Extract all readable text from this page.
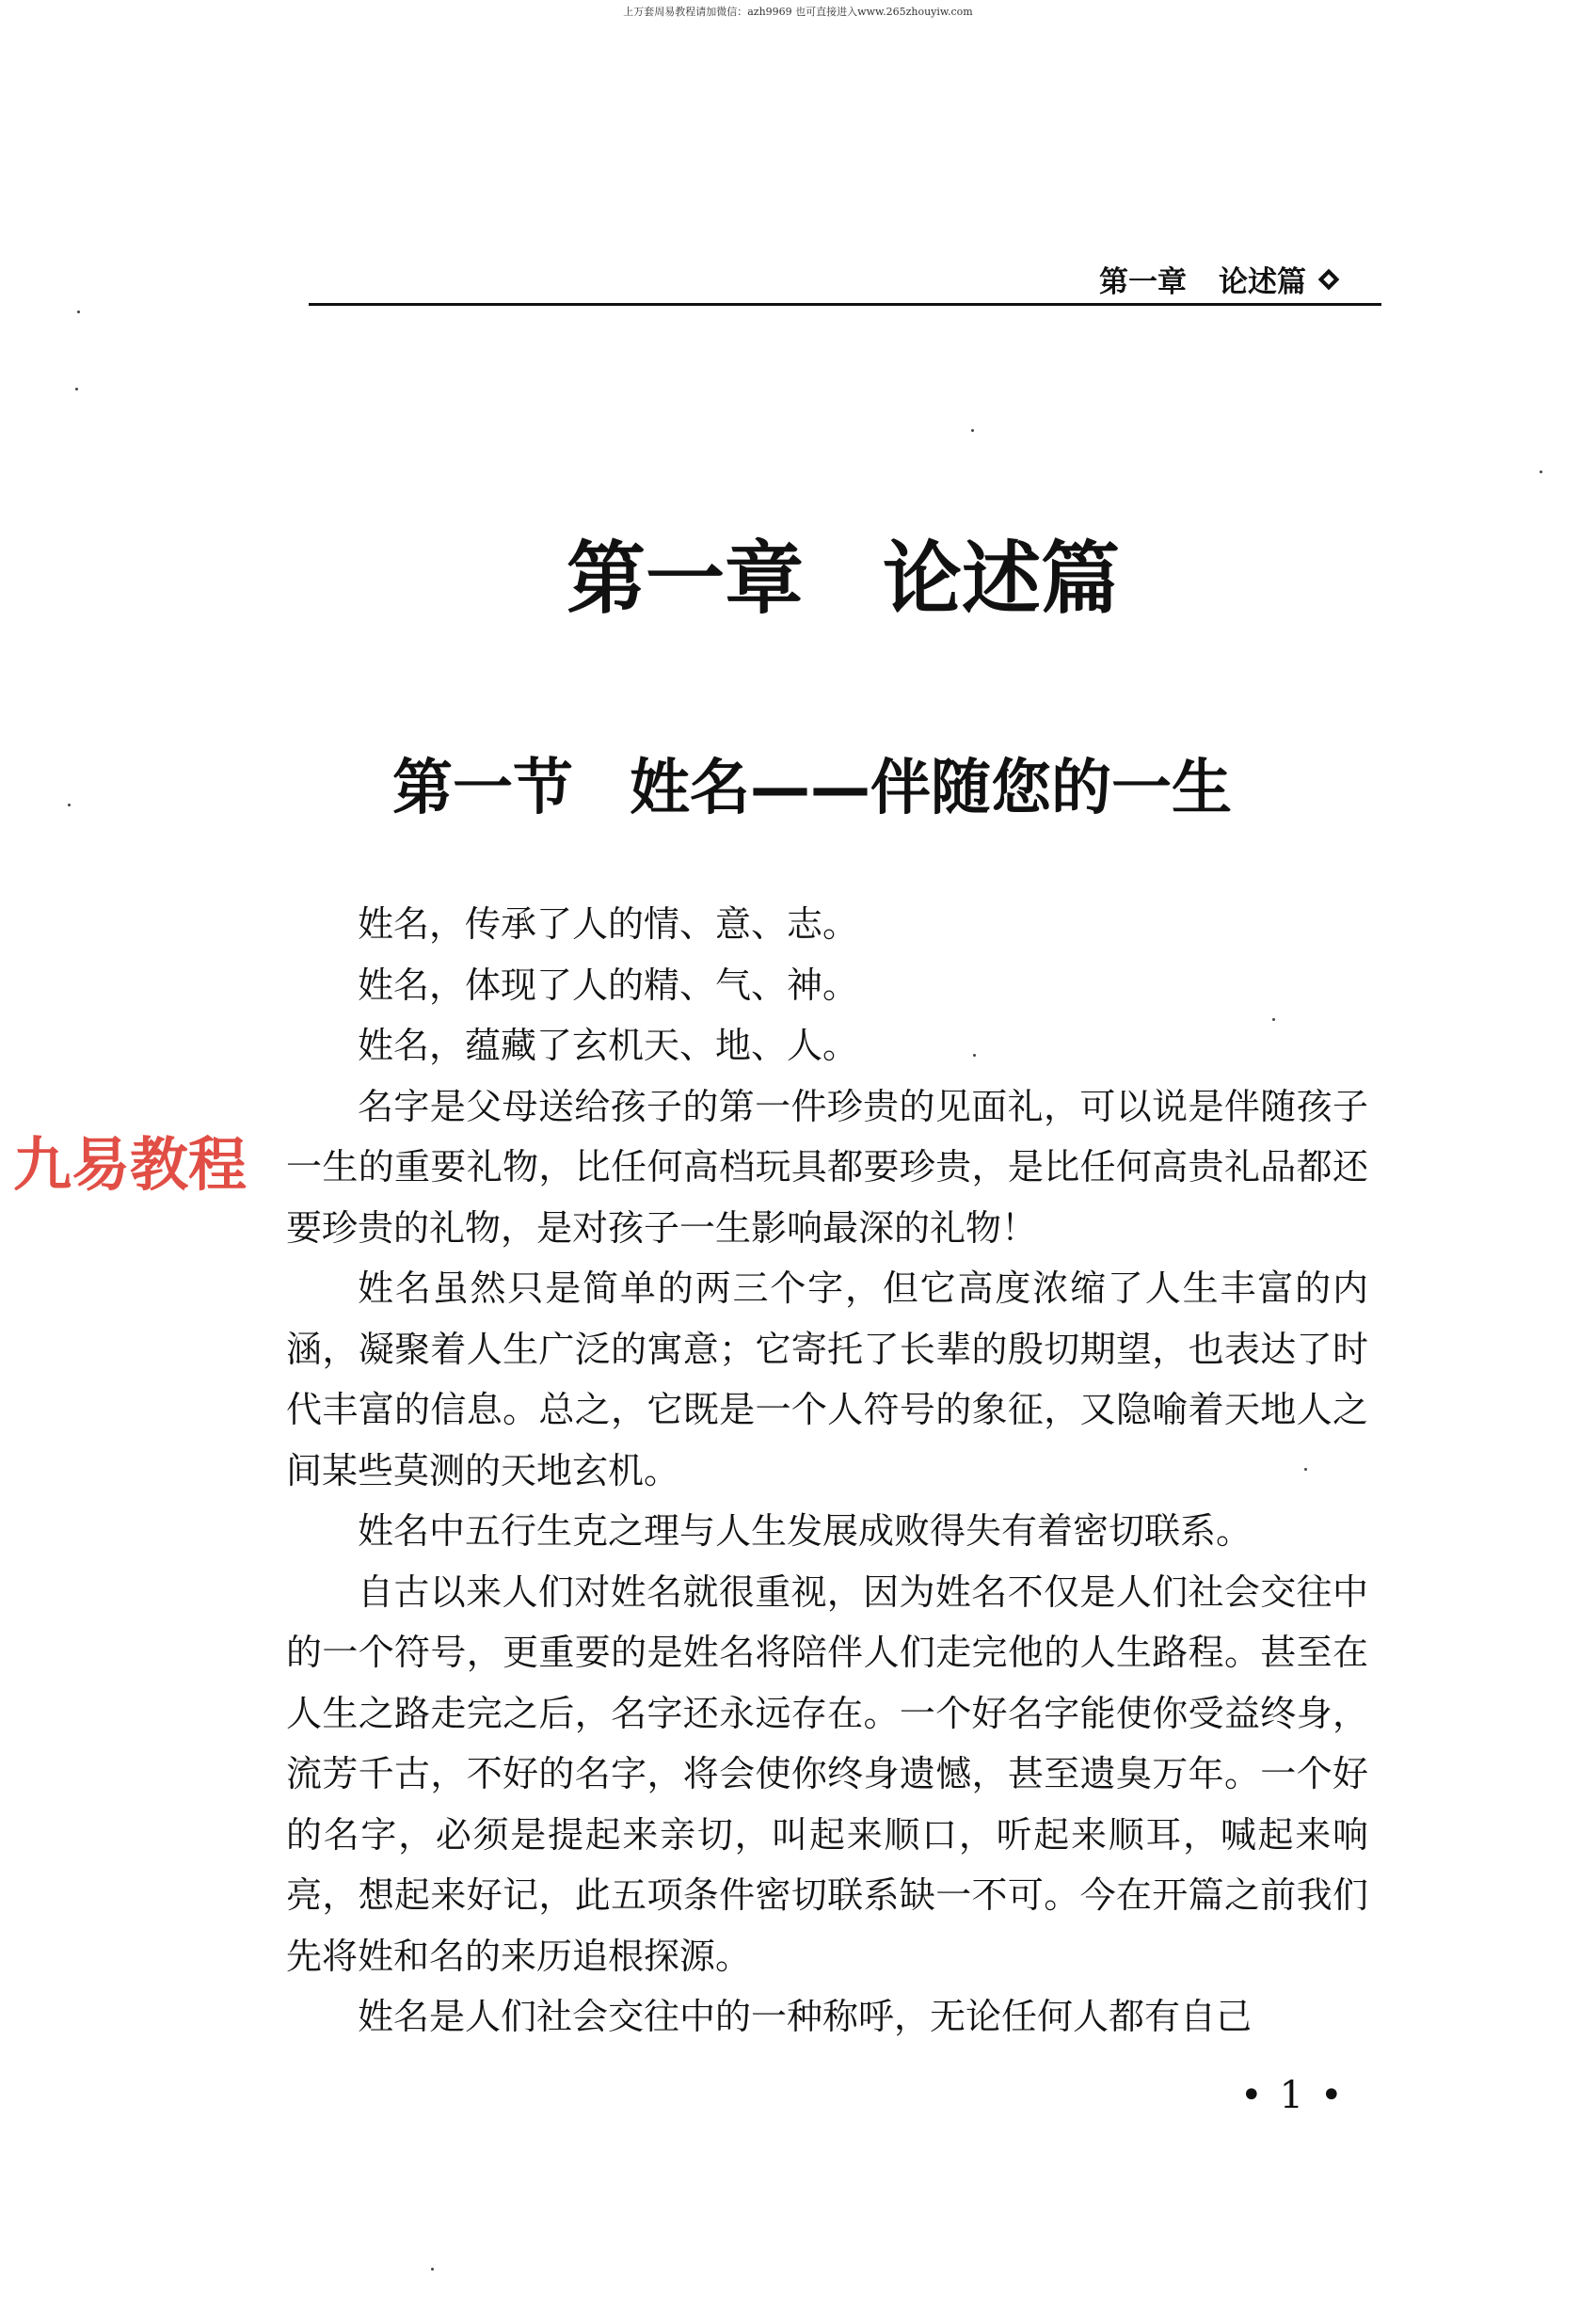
上万套周易教程请加微信：azh9969 也可直接进入www.265zhouyiw.com
第一章 论述篇
第一章 论述篇
第一节 姓名——伴随您的一生

姓名，传承了人的情、意、志。

姓名，体现了人的精、气、神。

姓名，蕴藏了玄机天、地、人。

名字是父母送给孩子的第一件珍贵的见面礼，可以说是伴随孩子一生的重要礼物，比任何高档玩具都要珍贵，是比任何高贵礼品都还要珍贵的礼物，是对孩子一生影响最深的礼物！

姓名虽然只是简单的两三个字，但它高度浓缩了人生丰富的内涵，凝聚着人生广泛的寓意；它寄托了长辈的殷切期望，也表达了时代丰富的信息。总之，它既是一个人符号的象征，又隐喻着天地人之间某些莫测的天地玄机。

姓名中五行生克之理与人生发展成败得失有着密切联系。

自古以来人们对姓名就很重视，因为姓名不仅是人们社会交往中的一个符号，更重要的是姓名将陪伴人们走完他的人生路程。甚至在人生之路走完之后，名字还永远存在。一个好名字能使你受益终身，流芳千古，不好的名字，将会使你终身遗憾，甚至遗臭万年。一个好的名字，必须是提起来亲切，叫起来顺口，听起来顺耳，喊起来响亮，想起来好记，此五项条件密切联系缺一不可。今在开篇之前我们先将姓和名的来历追根探源。

姓名是人们社会交往中的一种称呼，无论任何人都有自己

九易教程
• 1 •
